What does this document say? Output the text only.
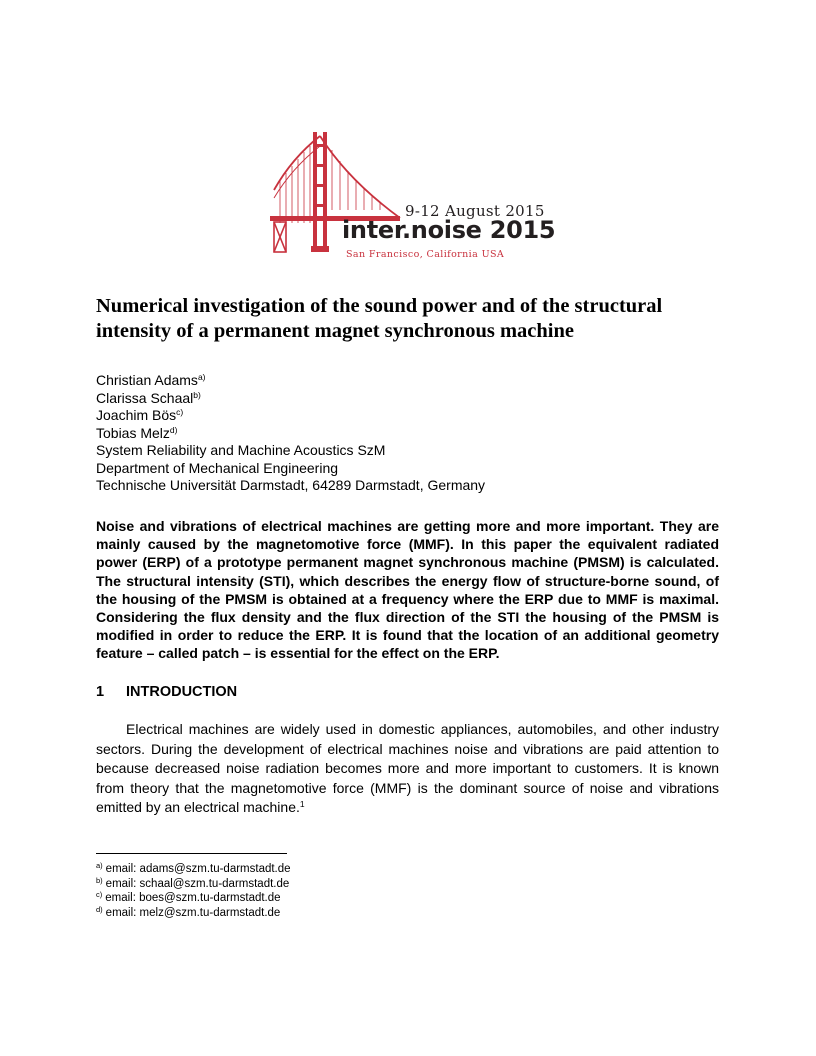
9-12 August 2015
inter.noise 2015
San Francisco, California USA
Numerical investigation of the sound power and of the structural intensity of a permanent magnet synchronous machine
Christian Adams$^{a)}$
Clarissa Schaal$^{b)}$
Joachim Bös$^{c)}$
Tobias Melz$^{d)}$
System Reliability and Machine Acoustics SzM
Department of Mechanical Engineering
Technische Universität Darmstadt, 64289 Darmstadt, Germany

Noise and vibrations of electrical machines are getting more and more important. They are mainly caused by the magnetomotive force (MMF). In this paper the equivalent radiated power (ERP) of a prototype permanent magnet synchronous machine (PMSM) is calculated. The structural intensity (STI), which describes the energy flow of structure-borne sound, of the housing of the PMSM is obtained at a frequency where the ERP due to MMF is maximal. Considering the flux density and the flux direction of the STI the housing of the PMSM is modified in order to reduce the ERP. It is found that the location of an additional geometry feature – called patch – is essential for the effect on the ERP.

1 INTRODUCTION

Electrical machines are widely used in domestic appliances, automobiles, and other industry sectors. During the development of electrical machines noise and vibrations are paid attention to because decreased noise radiation becomes more and more important to customers. It is known from theory that the magnetomotive force (MMF) is the dominant source of noise and vibrations emitted by an electrical machine.$^1$

$^{a)}$ email: adams@szm.tu-darmstadt.de
$^{b)}$ email: schaal@szm.tu-darmstadt.de
$^{c)}$ email: boes@szm.tu-darmstadt.de
$^{d)}$ email: melz@szm.tu-darmstadt.de
